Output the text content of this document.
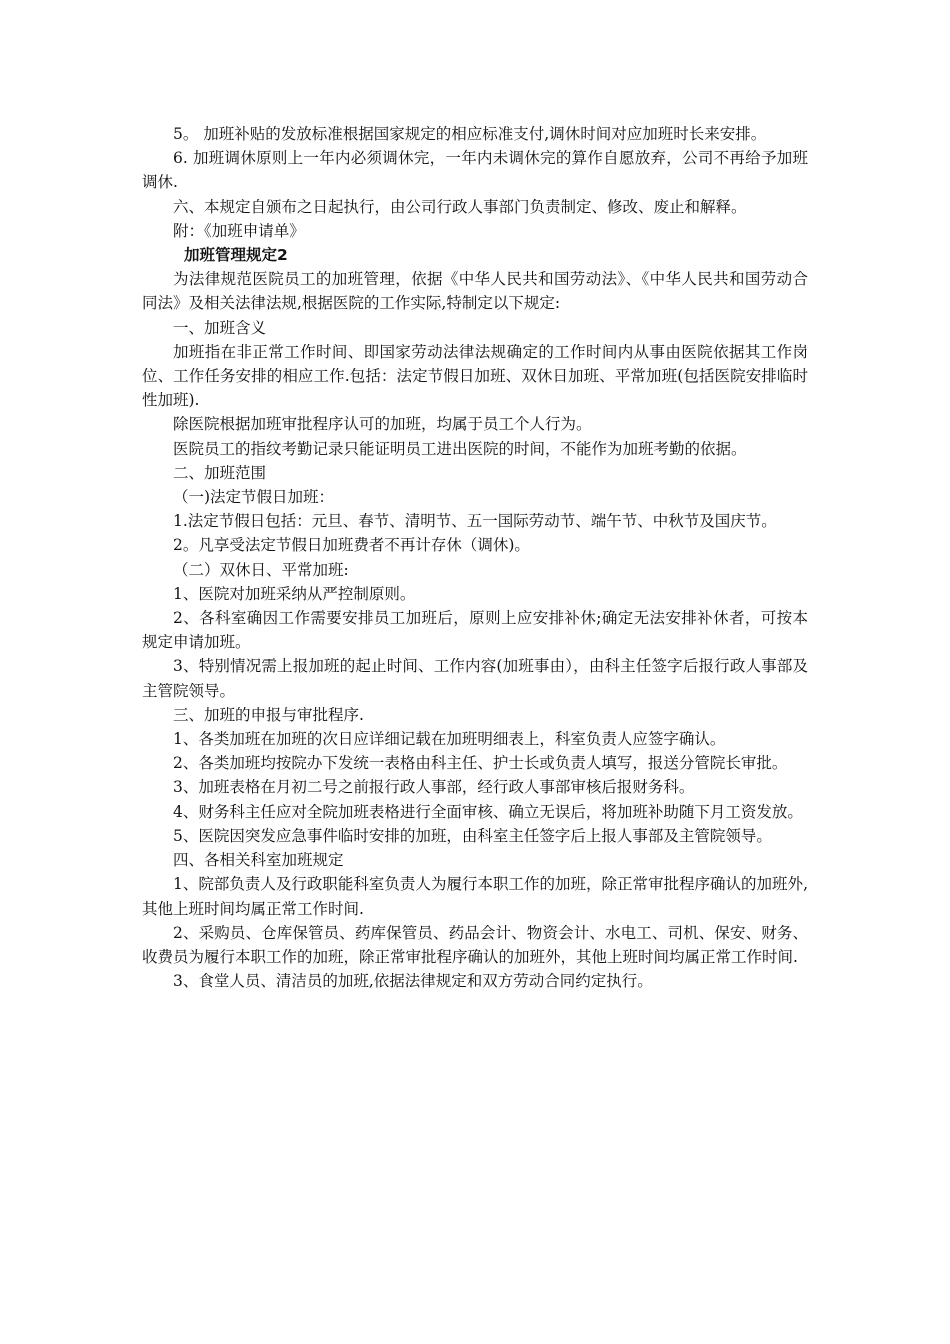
5。 加班补贴的发放标准根据国家规定的相应标准支付,调休时间对应加班时长来安排。

6. 加班调休原则上一年内必须调休完，一年内未调休完的算作自愿放弃，公司不再给予加班调休.

六、本规定自颁布之日起执行，由公司行政人事部门负责制定、修改、废止和解释。

附：《加班申请单》

加班管理规定2

为法律规范医院员工的加班管理，依据《中华人民共和国劳动法》、《中华人民共和国劳动合同法》及相关法律法规,根据医院的工作实际,特制定以下规定:

一、加班含义

加班指在非正常工作时间、即国家劳动法律法规确定的工作时间内从事由医院依据其工作岗位、工作任务安排的相应工作.包括：法定节假日加班、双休日加班、平常加班(包括医院安排临时性加班).

除医院根据加班审批程序认可的加班，均属于员工个人行为。

医院员工的指纹考勤记录只能证明员工进出医院的时间，不能作为加班考勤的依据。

二、加班范围

（一)法定节假日加班：

1.法定节假日包括：元旦、春节、清明节、五一国际劳动节、端午节、中秋节及国庆节。

2。凡享受法定节假日加班费者不再计存休（调休)。

（二）双休日、平常加班:

1、医院对加班采纳从严控制原则。

2、各科室确因工作需要安排员工加班后，原则上应安排补休;确定无法安排补休者，可按本规定申请加班。

3、特别情况需上报加班的起止时间、工作内容(加班事由），由科主任签字后报行政人事部及主管院领导。

三、加班的申报与审批程序.

1、各类加班在加班的次日应详细记载在加班明细表上，科室负责人应签字确认。

2、各类加班均按院办下发统一表格由科主任、护士长或负责人填写，报送分管院长审批。

3、加班表格在月初二号之前报行政人事部，经行政人事部审核后报财务科。

4、财务科主任应对全院加班表格进行全面审核、确立无误后，将加班补助随下月工资发放。

5、医院因突发应急事件临时安排的加班，由科室主任签字后上报人事部及主管院领导。

四、各相关科室加班规定

1、院部负责人及行政职能科室负责人为履行本职工作的加班，除正常审批程序确认的加班外,其他上班时间均属正常工作时间.

2、采购员、仓库保管员、药库保管员、药品会计、物资会计、水电工、司机、保安、财务、收费员为履行本职工作的加班，除正常审批程序确认的加班外，其他上班时间均属正常工作时间.

3、食堂人员、清洁员的加班,依据法律规定和双方劳动合同约定执行。
